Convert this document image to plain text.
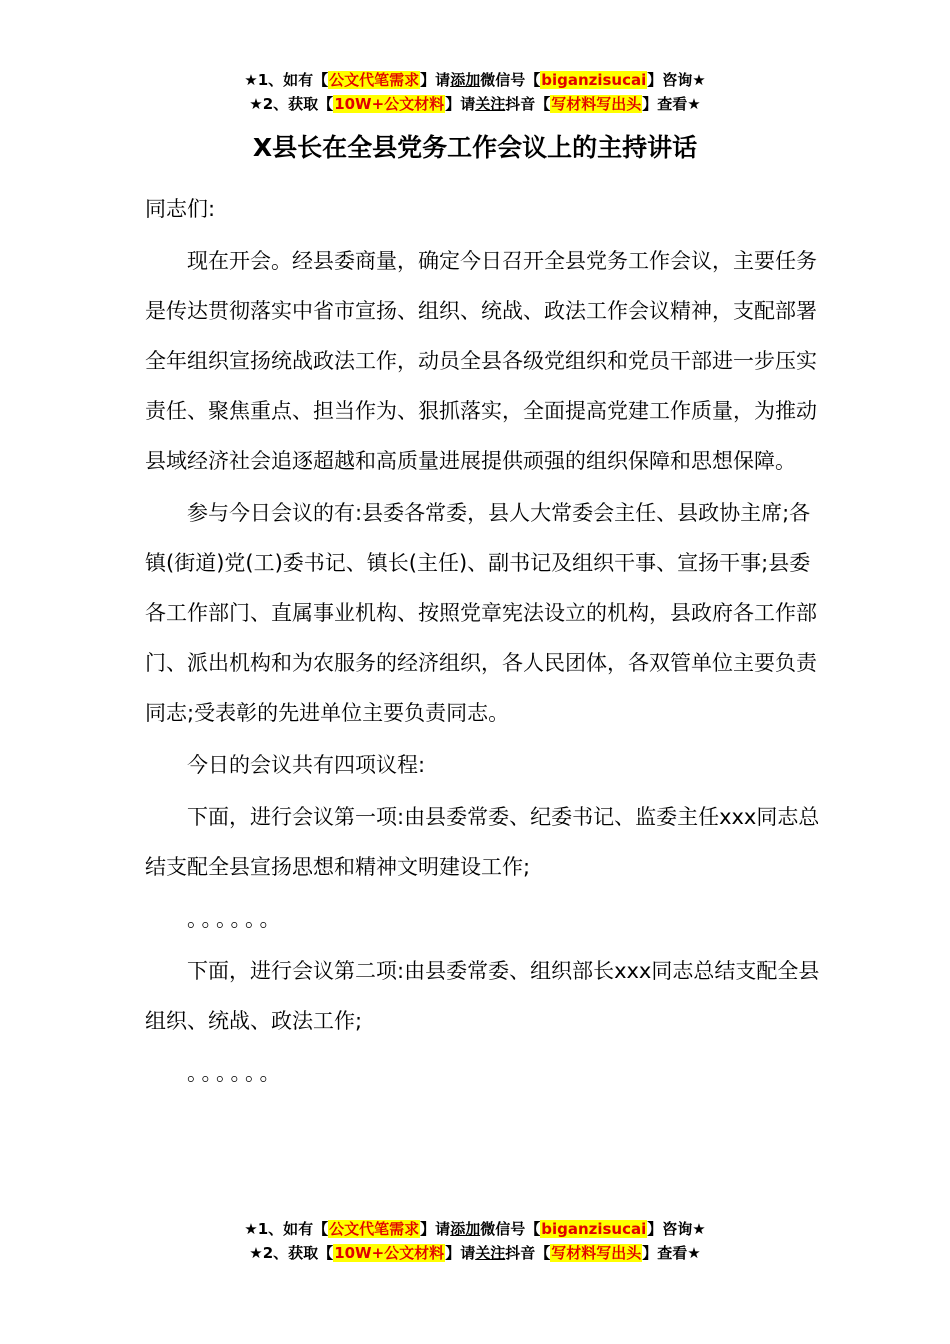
★1、如有【公文代笔需求】请添加微信号【biganzisucai】咨询★
★2、获取【10W+公文材料】请关注抖音【写材料写出头】查看★
X县长在全县党务工作会议上的主持讲话

同志们:

现在开会。经县委商量，确定今日召开全县党务工作会议，主要任务是传达贯彻落实中省市宣扬、组织、统战、政法工作会议精神，支配部署全年组织宣扬统战政法工作，动员全县各级党组织和党员干部进一步压实责任、聚焦重点、担当作为、狠抓落实，全面提高党建工作质量，为推动县域经济社会追逐超越和高质量进展提供顽强的组织保障和思想保障。

参与今日会议的有:县委各常委，县人大常委会主任、县政协主席;各镇(街道)党(工)委书记、镇长(主任)、副书记及组织干事、宣扬干事;县委各工作部门、直属事业机构、按照党章宪法设立的机构，县政府各工作部门、派出机构和为农服务的经济组织，各人民团体，各双管单位主要负责同志;受表彰的先进单位主要负责同志。

今日的会议共有四项议程:

下面，进行会议第一项:由县委常委、纪委书记、监委主任xxx同志总结支配全县宣扬思想和精神文明建设工作;

。。。。。。

下面，进行会议第二项:由县委常委、组织部长xxx同志总结支配全县组织、统战、政法工作;

。。。。。。

★1、如有【公文代笔需求】请添加微信号【biganzisucai】咨询★
★2、获取【10W+公文材料】请关注抖音【写材料写出头】查看★
